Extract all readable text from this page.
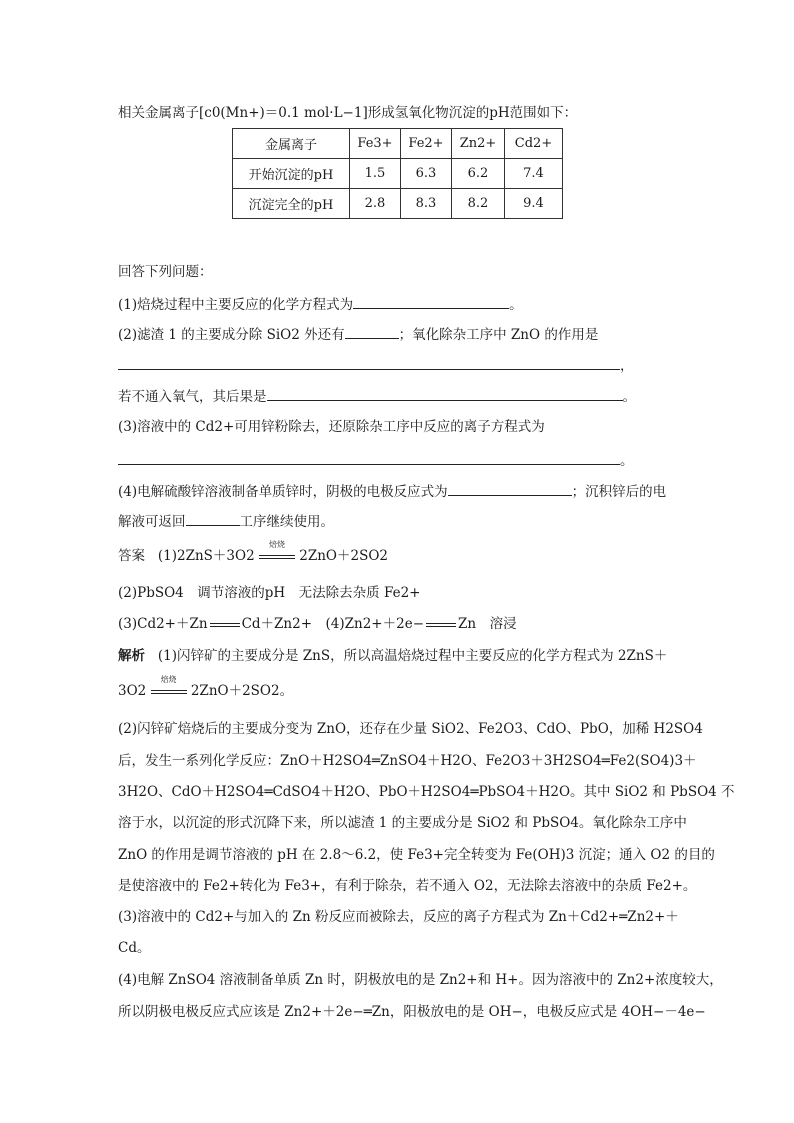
相关金属离子[c0(Mn+)＝0.1 mol·L−1]形成氢氧化物沉淀的pH范围如下：
金属离子	Fe3+	Fe2+	Zn2+	Cd2+
开始沉淀的pH	1.5	6.3	6.2	7.4
沉淀完全的pH	2.8	8.3	8.2	9.4
回答下列问题：
(1)焙烧过程中主要反应的化学方程式为	。
(2)滤渣 1 的主要成分除 SiO2 外还有	；氧化除杂工序中 ZnO 的作用是
，
若不通入氧气，其后果是	。
(3)溶液中的 Cd2+可用锌粉除去，还原除杂工序中反应的离子方程式为
。
(4)电解硫酸锌溶液制备单质锌时，阴极的电极反应式为	；沉积锌后的电
解液可返回	工序继续使用。
答案 (1)2ZnS＋3O2
焙烧
2ZnO＋2SO2
(2)PbSO4　调节溶液的pH　无法除去杂质 Fe2+
(3)Cd2+＋Zn	Cd＋Zn2+　(4)Zn2+＋2e−	Zn　溶浸
解析 (1)闪锌矿的主要成分是 ZnS，所以高温焙烧过程中主要反应的化学方程式为 2ZnS＋
3O2
焙烧
2ZnO＋2SO2。
(2)闪锌矿焙烧后的主要成分变为 ZnO，还存在少量 SiO2、Fe2O3、CdO、PbO，加稀 H2SO4
后，发生一系列化学反应：ZnO＋H2SO4═ZnSO4＋H2O、Fe2O3＋3H2SO4═Fe2(SO4)3＋
3H2O、CdO＋H2SO4═CdSO4＋H2O、PbO＋H2SO4═PbSO4＋H2O。其中 SiO2 和 PbSO4 不
溶于水，以沉淀的形式沉降下来，所以滤渣 1 的主要成分是 SiO2 和 PbSO4。氧化除杂工序中
ZnO 的作用是调节溶液的 pH 在 2.8～6.2，使 Fe3+完全转变为 Fe(OH)3 沉淀；通入 O2 的目的
是使溶液中的 Fe2+转化为 Fe3+，有利于除杂，若不通入 O2，无法除去溶液中的杂质 Fe2+。
(3)溶液中的 Cd2+与加入的 Zn 粉反应而被除去，反应的离子方程式为 Zn＋Cd2+═Zn2+＋
Cd。
(4)电解 ZnSO4 溶液制备单质 Zn 时，阴极放电的是 Zn2+和 H+。因为溶液中的 Zn2+浓度较大，
所以阴极电极反应式应该是 Zn2+＋2e−═Zn，阳极放电的是 OH−，电极反应式是 4OH−－4e−
